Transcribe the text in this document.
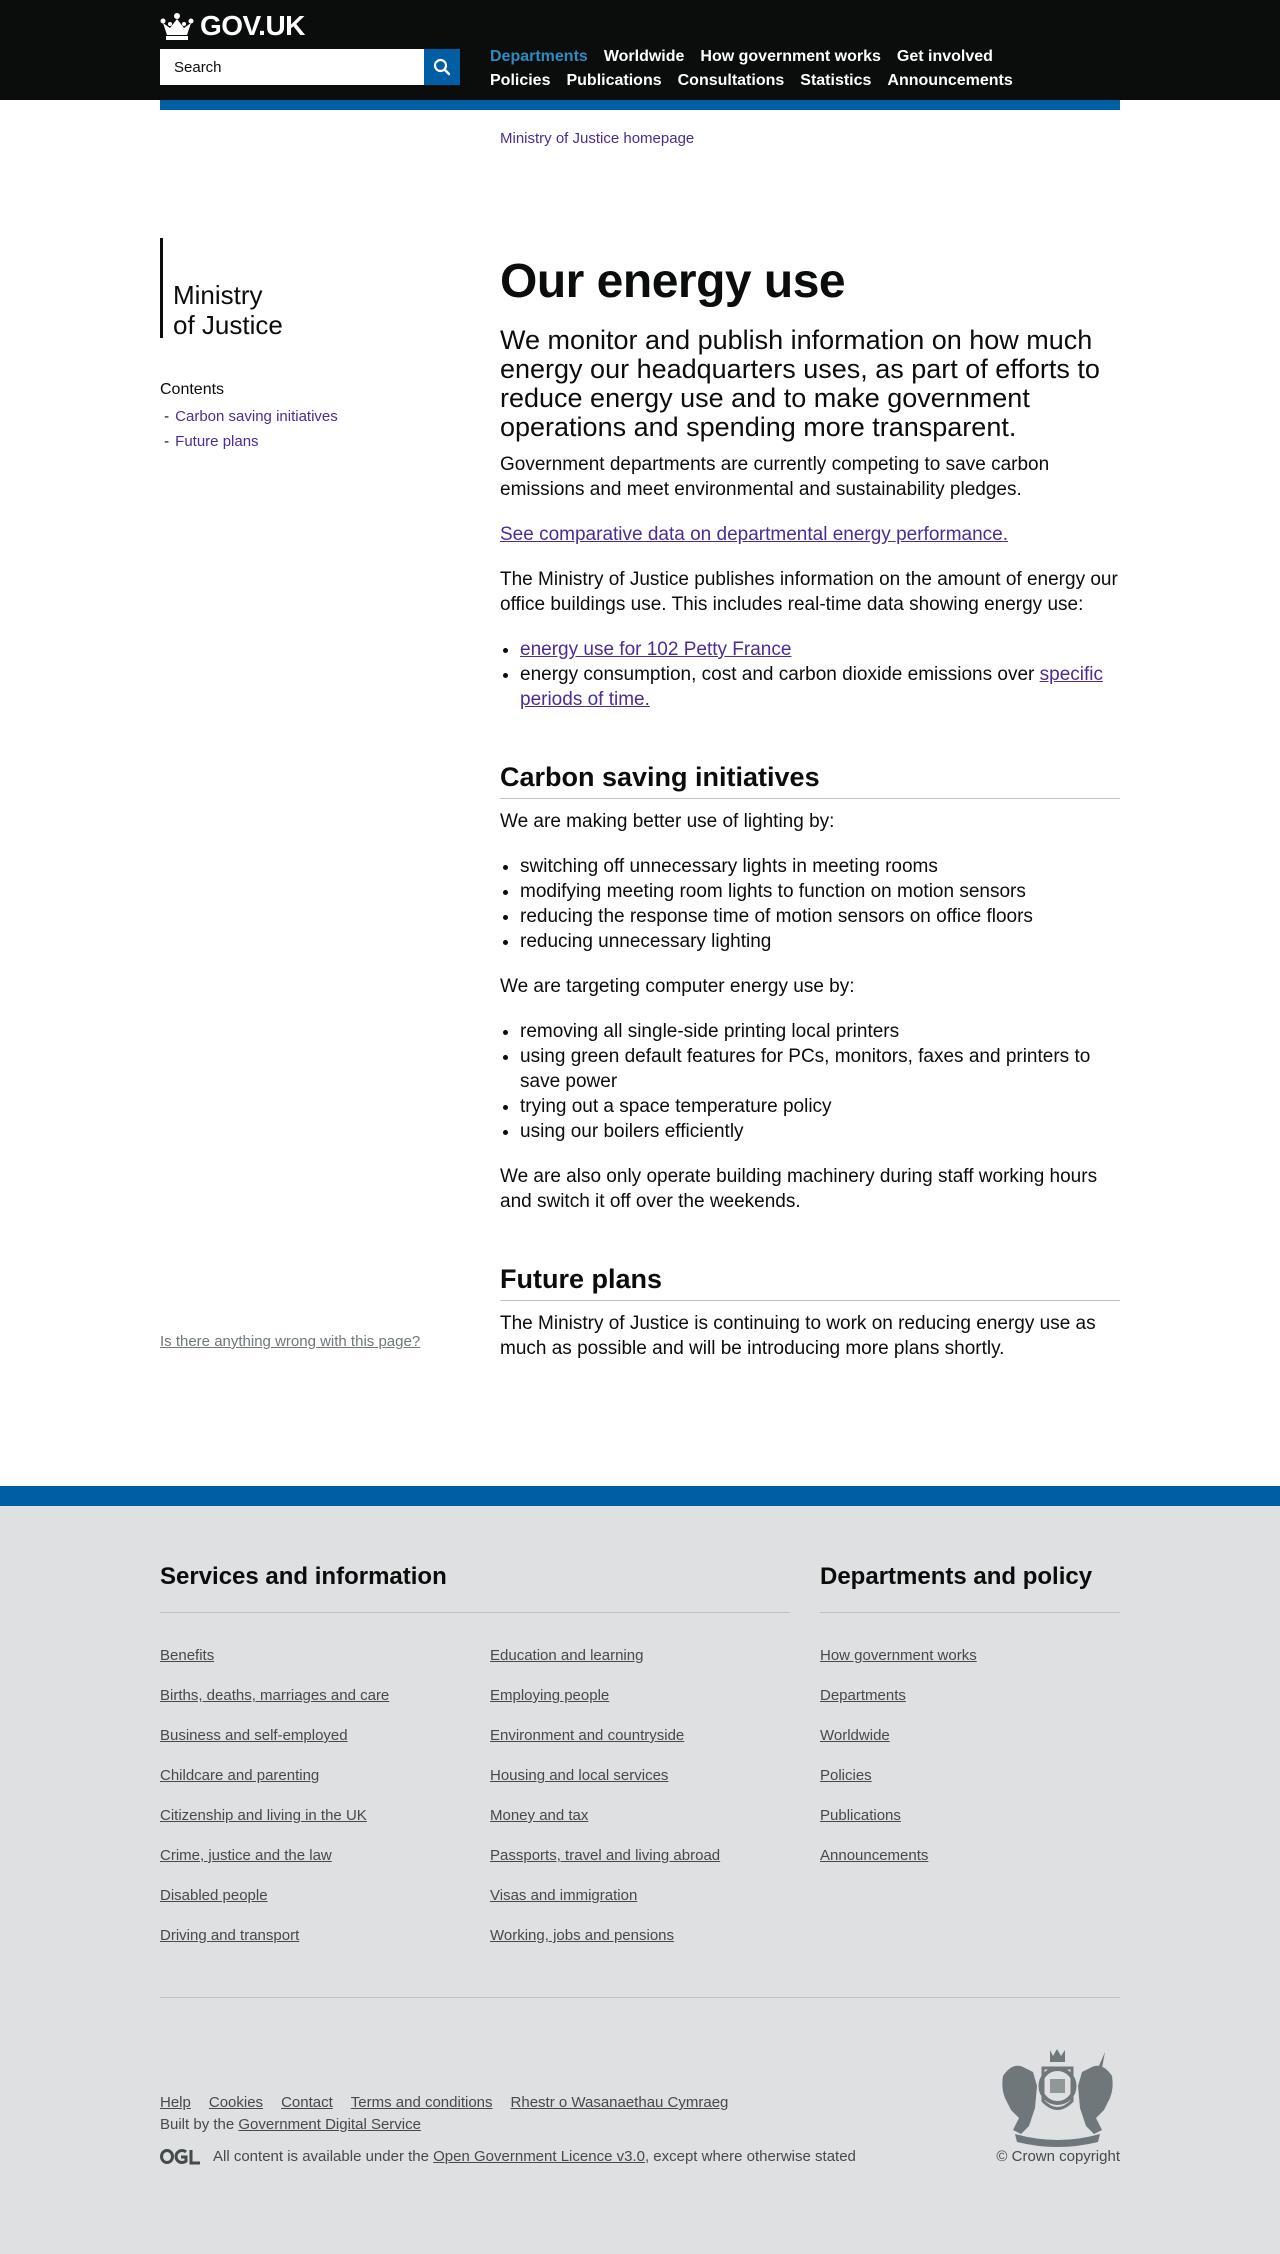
GOV.UK
Search
Departments Worldwide How government works Get involved
Policies Publications Consultations Statistics Announcements
Ministry
of Justice
Contents
- Carbon saving initiatives
- Future plans
Is there anything wrong with this page?
Ministry of Justice homepage
Our energy use

We monitor and publish information on how much energy our headquarters uses, as part of efforts to reduce energy use and to make government operations and spending more transparent.

Government departments are currently competing to save carbon emissions and meet environmental and sustainability pledges.

See comparative data on departmental energy performance.

The Ministry of Justice publishes information on the amount of energy our office buildings use. This includes real-time data showing energy use:

• energy use for 102 Petty France
• energy consumption, cost and carbon dioxide emissions over specific periods of time.
Carbon saving initiatives

We are making better use of lighting by:

• switching off unnecessary lights in meeting rooms
• modifying meeting room lights to function on motion sensors
• reducing the response time of motion sensors on office floors
• reducing unnecessary lighting

We are targeting computer energy use by:

• removing all single-side printing local printers
• using green default features for PCs, monitors, faxes and printers to save power
• trying out a space temperature policy
• using our boilers efficiently

We are also only operate building machinery during staff working hours and switch it off over the weekends.

Future plans

The Ministry of Justice is continuing to work on reducing energy use as much as possible and will be introducing more plans shortly.

Services and information	Departments and policy
Benefits
Births, deaths, marriages and care
Business and self-employed
Childcare and parenting
Citizenship and living in the UK
Crime, justice and the law
Disabled people
Driving and transport
Education and learning
Employing people
Environment and countryside
Housing and local services
Money and tax
Passports, travel and living abroad
Visas and immigration
Working, jobs and pensions
How government works
Departments
Worldwide
Policies
Publications
Announcements
Help Cookies Contact Terms and conditions Rhestr o Wasanaethau Cymraeg
Built by the Government Digital Service
All content is available under the Open Government Licence v3.0, except where otherwise stated	© Crown copyright
